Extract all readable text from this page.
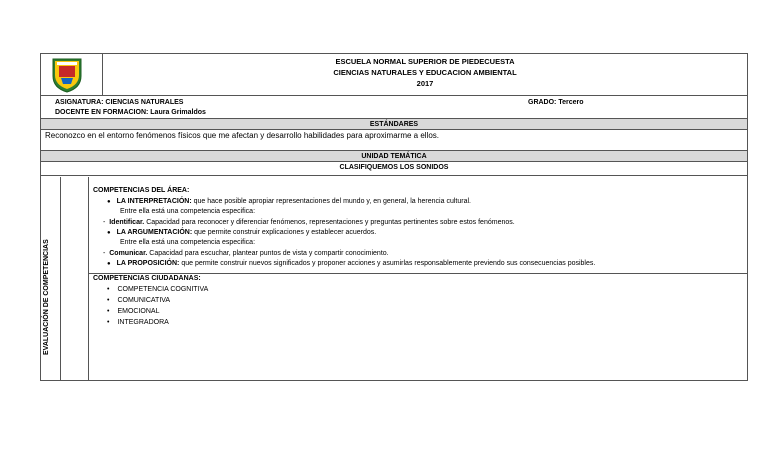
ESCUELA NORMAL SUPERIOR DE PIEDECUESTA
CIENCIAS NATURALES Y EDUCACION AMBIENTAL
2017
ASIGNATURA: CIENCIAS NATURALES	GRADO: Tercero
DOCENTE EN FORMACION: Laura Grimaldos
ESTÁNDARES
Reconozco en el entorno fenómenos físicos que me afectan y desarrollo habilidades para aproximarme a ellos.
UNIDAD TEMÁTICA
CLASIFIQUEMOS LOS SONIDOS
EVALUACIÓN DE COMPETENCIAS
COMPETENCIAS DEL ÁREA:
● LA INTERPRETACIÓN: que hace posible apropiar representaciones del mundo y, en general, la herencia cultural.
Entre ella está una competencia especifica:
-  Identificar. Capacidad para reconocer y diferenciar fenómenos, representaciones y preguntas pertinentes sobre estos fenómenos.
● LA ARGUMENTACIÓN: que permite construir explicaciones y establecer acuerdos.
Entre ella está una competencia especifica:
-  Comunicar. Capacidad para escuchar, plantear puntos de vista y compartir conocimiento.
● LA PROPOSICIÓN: que permite construir nuevos significados y proponer acciones y asumirlas responsablemente previendo sus consecuencias posibles.
COMPETENCIAS CIUDADANAS:
• COMPETENCIA COGNITIVA
• COMUNICATIVA
• EMOCIONAL
• INTEGRADORA
